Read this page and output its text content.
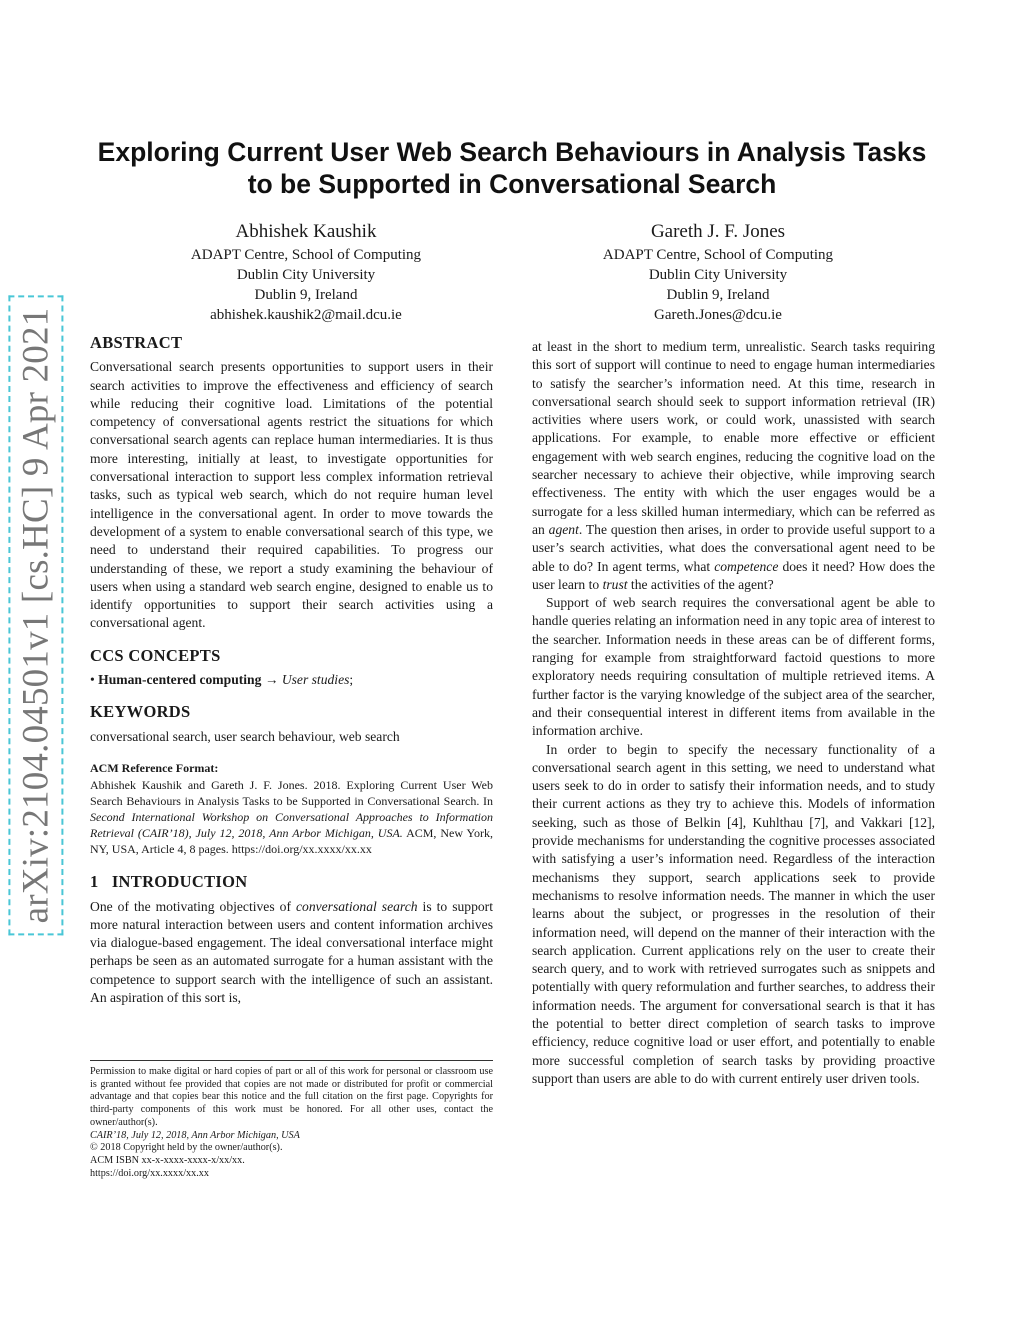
arXiv:2104.04501v1 [cs.HC] 9 Apr 2021
Exploring Current User Web Search Behaviours in Analysis Tasks to be Supported in Conversational Search
Abhishek Kaushik
ADAPT Centre, School of Computing
Dublin City University
Dublin 9, Ireland
abhishek.kaushik2@mail.dcu.ie
Gareth J. F. Jones
ADAPT Centre, School of Computing
Dublin City University
Dublin 9, Ireland
Gareth.Jones@dcu.ie
ABSTRACT

Conversational search presents opportunities to support users in their search activities to improve the effectiveness and efficiency of search while reducing their cognitive load. Limitations of the potential competency of conversational agents restrict the situations for which conversational search agents can replace human intermediaries. It is thus more interesting, initially at least, to investigate opportunities for conversational interaction to support less complex information retrieval tasks, such as typical web search, which do not require human level intelligence in the conversational agent. In order to move towards the development of a system to enable conversational search of this type, we need to understand their required capabilities. To progress our understanding of these, we report a study examining the behaviour of users when using a standard web search engine, designed to enable us to identify opportunities to support their search activities using a conversational agent.

CCS CONCEPTS

• Human-centered computing → User studies;

KEYWORDS

conversational search, user search behaviour, web search

ACM Reference Format:

Abhishek Kaushik and Gareth J. F. Jones. 2018. Exploring Current User Web Search Behaviours in Analysis Tasks to be Supported in Conversational Search. In Second International Workshop on Conversational Approaches to Information Retrieval (CAIR’18), July 12, 2018, Ann Arbor Michigan, USA. ACM, New York, NY, USA, Article 4, 8 pages. https://doi.org/xx.xxxx/xx.xx

1   INTRODUCTION

One of the motivating objectives of conversational search is to support more natural interaction between users and content information archives via dialogue-based engagement. The ideal conversational interface might perhaps be seen as an automated surrogate for a human assistant with the competence to support search with the intelligence of such an assistant. An aspiration of this sort is,

Permission to make digital or hard copies of part or all of this work for personal or classroom use is granted without fee provided that copies are not made or distributed for profit or commercial advantage and that copies bear this notice and the full citation on the first page. Copyrights for third-party components of this work must be honored. For all other uses, contact the owner/author(s).
CAIR’18, July 12, 2018, Ann Arbor Michigan, USA
© 2018 Copyright held by the owner/author(s).
ACM ISBN xx-x-xxxx-xxxx-x/xx/xx.
https://doi.org/xx.xxxx/xx.xx

at least in the short to medium term, unrealistic. Search tasks requiring this sort of support will continue to need to engage human intermediaries to satisfy the searcher’s information need. At this time, research in conversational search should seek to support information retrieval (IR) activities where users work, or could work, unassisted with search applications. For example, to enable more effective or efficient engagement with web search engines, reducing the cognitive load on the searcher necessary to achieve their objective, while improving search effectiveness. The entity with which the user engages would be a surrogate for a less skilled human intermediary, which can be referred as an agent. The question then arises, in order to provide useful support to a user’s search activities, what does the conversational agent need to be able to do? In agent terms, what competence does it need? How does the user learn to trust the activities of the agent?

Support of web search requires the conversational agent be able to handle queries relating an information need in any topic area of interest to the searcher. Information needs in these areas can be of different forms, ranging for example from straightforward factoid questions to more exploratory needs requiring consultation of multiple retrieved items. A further factor is the varying knowledge of the subject area of the searcher, and their consequential interest in different items from available in the information archive.

In order to begin to specify the necessary functionality of a conversational search agent in this setting, we need to understand what users seek to do in order to satisfy their information needs, and to study their current actions as they try to achieve this. Models of information seeking, such as those of Belkin [4], Kuhlthau [7], and Vakkari [12], provide mechanisms for understanding the cognitive processes associated with satisfying a user’s information need. Regardless of the interaction mechanisms they support, search applications seek to provide mechanisms to resolve information needs. The manner in which the user learns about the subject, or progresses in the resolution of their information need, will depend on the manner of their interaction with the search application. Current applications rely on the user to create their search query, and to work with retrieved surrogates such as snippets and potentially with query reformulation and further searches, to address their information needs. The argument for conversational search is that it has the potential to better direct completion of search tasks to improve efficiency, reduce cognitive load or user effort, and potentially to enable more successful completion of search tasks by providing proactive support than users are able to do with current entirely user driven tools.
